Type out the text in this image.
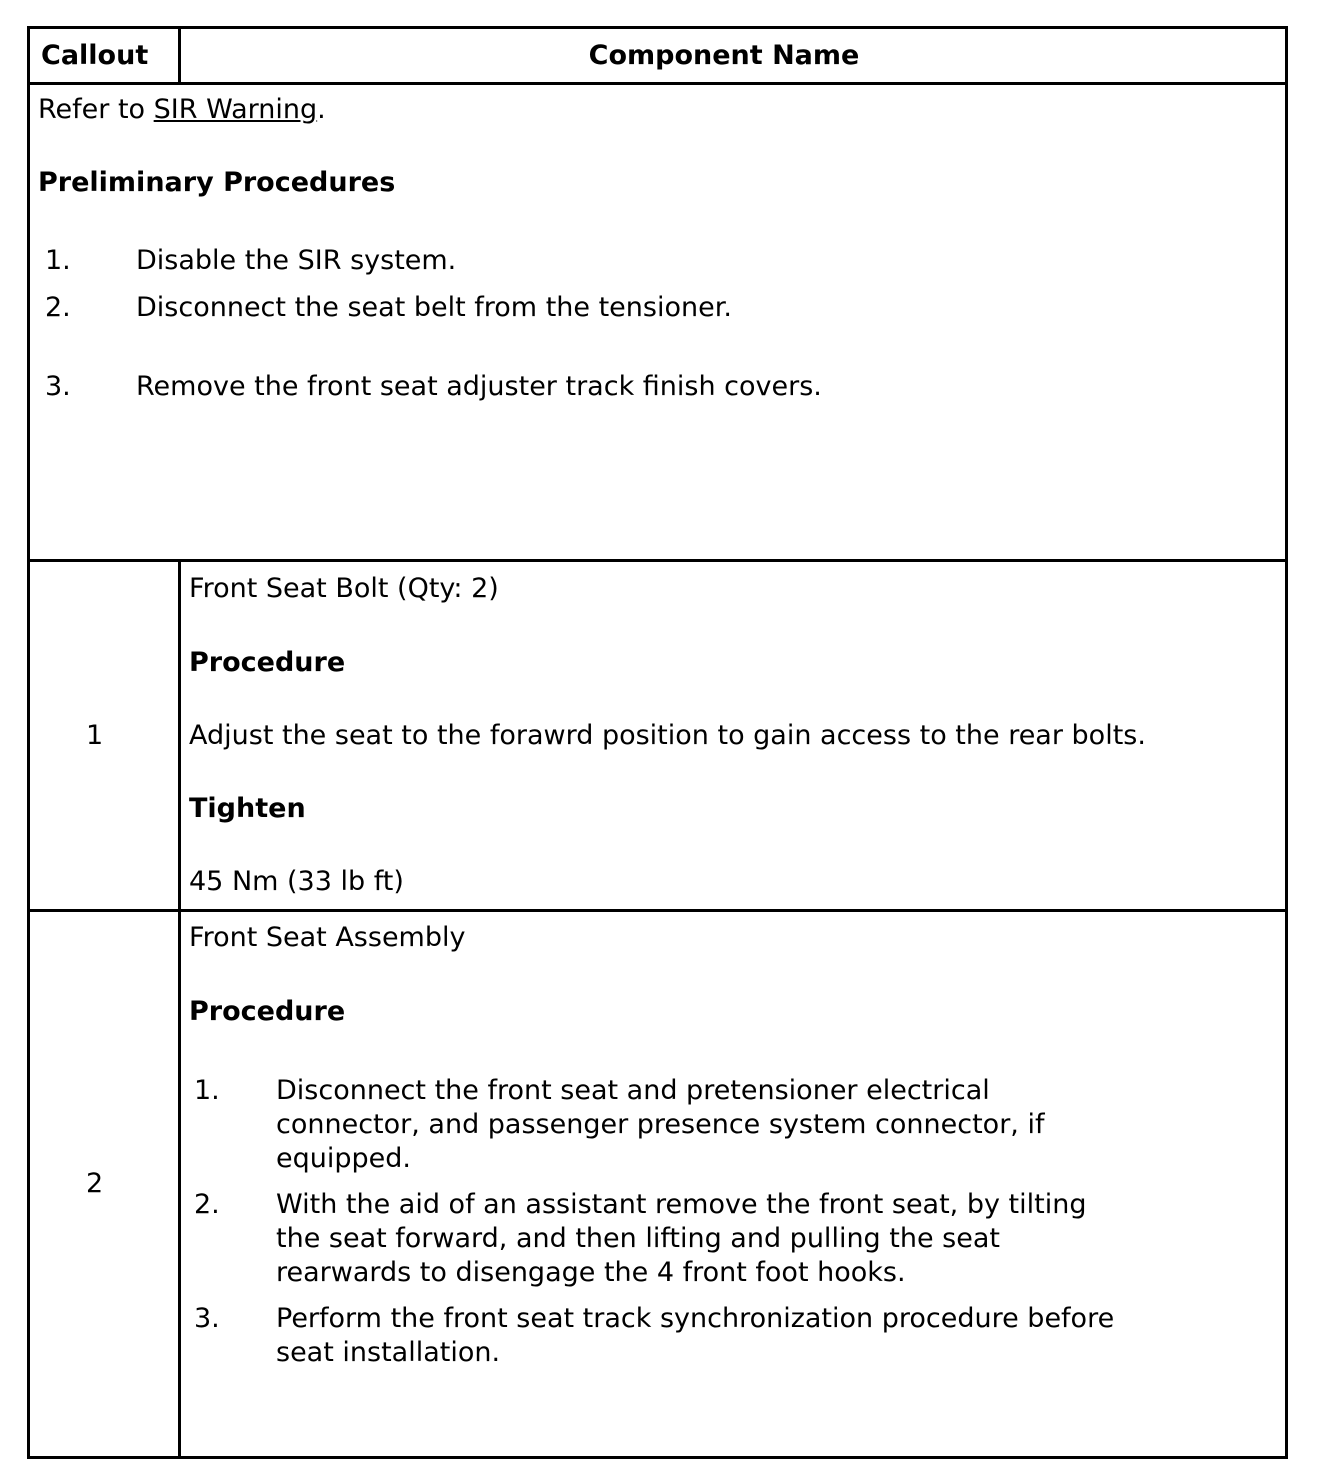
Callout	Component Name
Refer to SIR Warning.
Preliminary Procedures
1. Disable the SIR system.
2. Disconnect the seat belt from the tensioner.
3. Remove the front seat adjuster track finish covers.
1
Front Seat Bolt (Qty: 2)
Procedure
Adjust the seat to the forawrd position to gain access to the rear bolts.
Tighten
45 Nm (33 lb ft)
2
Front Seat Assembly
Procedure
1. Disconnect the front seat and pretensioner electrical
connector, and passenger presence system connector, if
equipped.
2. With the aid of an assistant remove the front seat, by tilting
the seat forward, and then lifting and pulling the seat
rearwards to disengage the 4 front foot hooks.
3. Perform the front seat track synchronization procedure before
seat installation.
